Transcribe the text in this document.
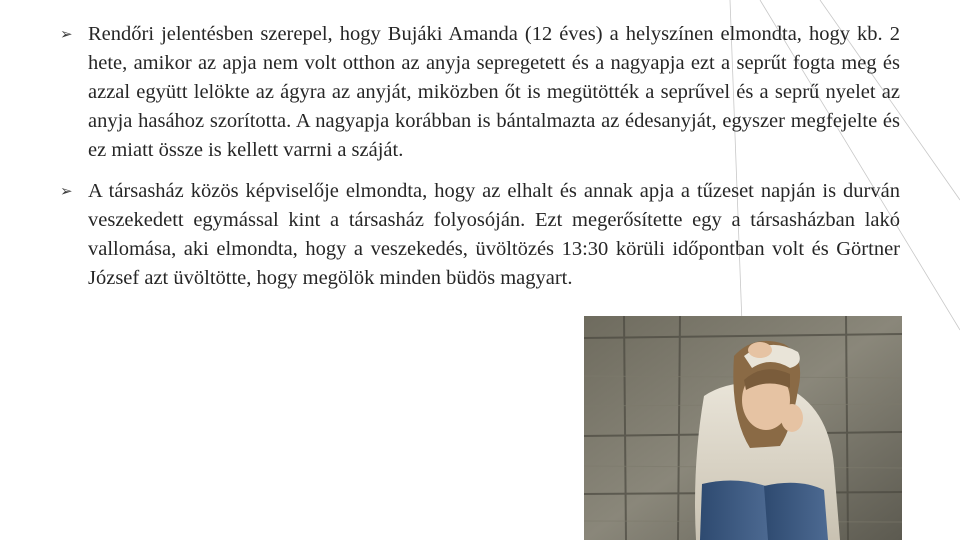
➢ Rendőri jelentésben szerepel, hogy Bujáki Amanda (12 éves) a helyszínen elmondta, hogy kb. 2 hete, amikor az apja nem volt otthon az anyja sepregetett és a nagyapja ezt a seprűt fogta meg és azzal együtt lelökte az ágyra az anyját, miközben őt is megütötték a seprűvel és a seprű nyelet az anyja hasához szorította. A nagyapja korábban is bántalmazta az édesanyját, egyszer megfejelte és ez miatt össze is kellett varrni a száját.
➢ A társasház közös képviselője elmondta, hogy az elhalt és annak apja a tűzeset napján is durván veszekedett egymással kint a társasház folyosóján. Ezt megerősítette egy a társasházban lakó vallomása, aki elmondta, hogy a veszekedés, üvöltözés 13:30 körüli időpontban volt és Görtner József azt üvöltötte, hogy megölök minden büdös magyart.
